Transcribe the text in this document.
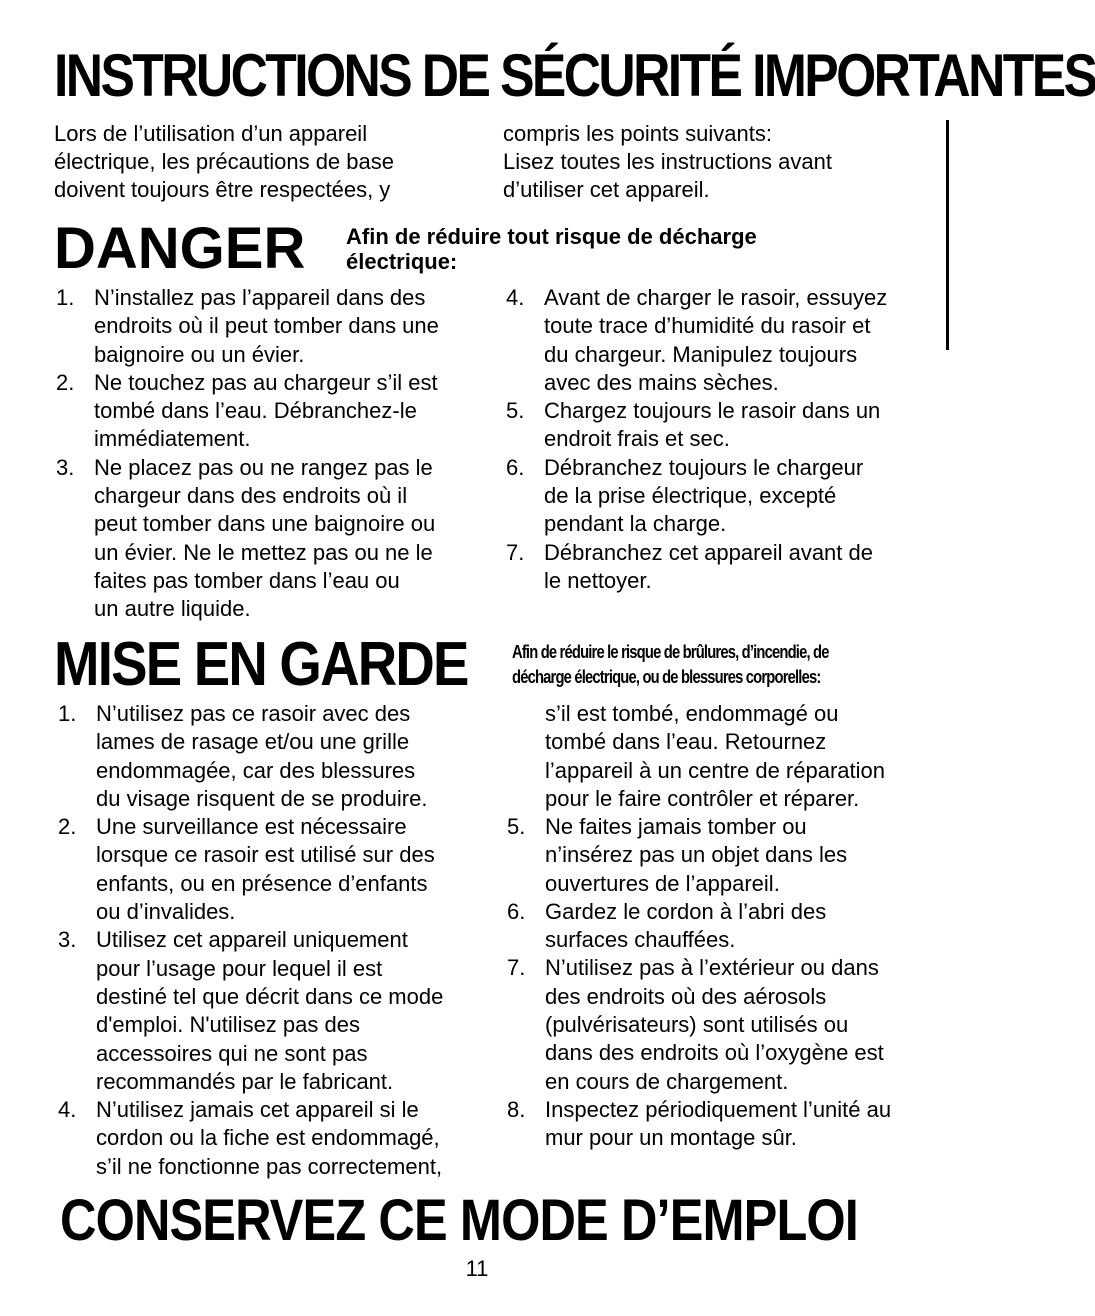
INSTRUCTIONS DE SÉCURITÉ IMPORTANTES
Lors de l’utilisation d’un appareil
électrique, les précautions de base
doivent toujours être respectées, y
compris les points suivants:
Lisez toutes les instructions avant
d’utiliser cet appareil.
DANGER Afin de réduire tout risque de décharge
électrique:
1. N’installez pas l’appareil dans des
endroits où il peut tomber dans une
baignoire ou un évier.
2. Ne touchez pas au chargeur s’il est
tombé dans l’eau. Débranchez-le
immédiatement.
3. Ne placez pas ou ne rangez pas le
chargeur dans des endroits où il
peut tomber dans une baignoire ou
un évier. Ne le mettez pas ou ne le
faites pas tomber dans l’eau ou
un autre liquide.
4. Avant de charger le rasoir, essuyez
toute trace d’humidité du rasoir et
du chargeur. Manipulez toujours
avec des mains sèches.
5. Chargez toujours le rasoir dans un
endroit frais et sec.
6. Débranchez toujours le chargeur
de la prise électrique, excepté
pendant la charge.
7. Débranchez cet appareil avant de
le nettoyer.
MISE EN GARDE Afin de réduire le risque de brûlures, d’incendie, de
décharge électrique, ou de blessures corporelles:
1. N’utilisez pas ce rasoir avec des
lames de rasage et/ou une grille
endommagée, car des blessures
du visage risquent de se produire.
2. Une surveillance est nécessaire
lorsque ce rasoir est utilisé sur des
enfants, ou en présence d’enfants
ou d’invalides.
3. Utilisez cet appareil uniquement
pour l’usage pour lequel il est
destiné tel que décrit dans ce mode
d'emploi. N'utilisez pas des
accessoires qui ne sont pas
recommandés par le fabricant.
4. N’utilisez jamais cet appareil si le
cordon ou la fiche est endommagé,
s’il ne fonctionne pas correctement,
s’il est tombé, endommagé ou
tombé dans l’eau. Retournez
l’appareil à un centre de réparation
pour le faire contrôler et réparer.
5. Ne faites jamais tomber ou
n’insérez pas un objet dans les
ouvertures de l’appareil.
6. Gardez le cordon à l’abri des
surfaces chauffées.
7. N’utilisez pas à l’extérieur ou dans
des endroits où des aérosols
(pulvérisateurs) sont utilisés ou
dans des endroits où l’oxygène est
en cours de chargement.
8. Inspectez périodiquement l’unité au
mur pour un montage sûr.
CONSERVEZ CE MODE D’EMPLOI
11
